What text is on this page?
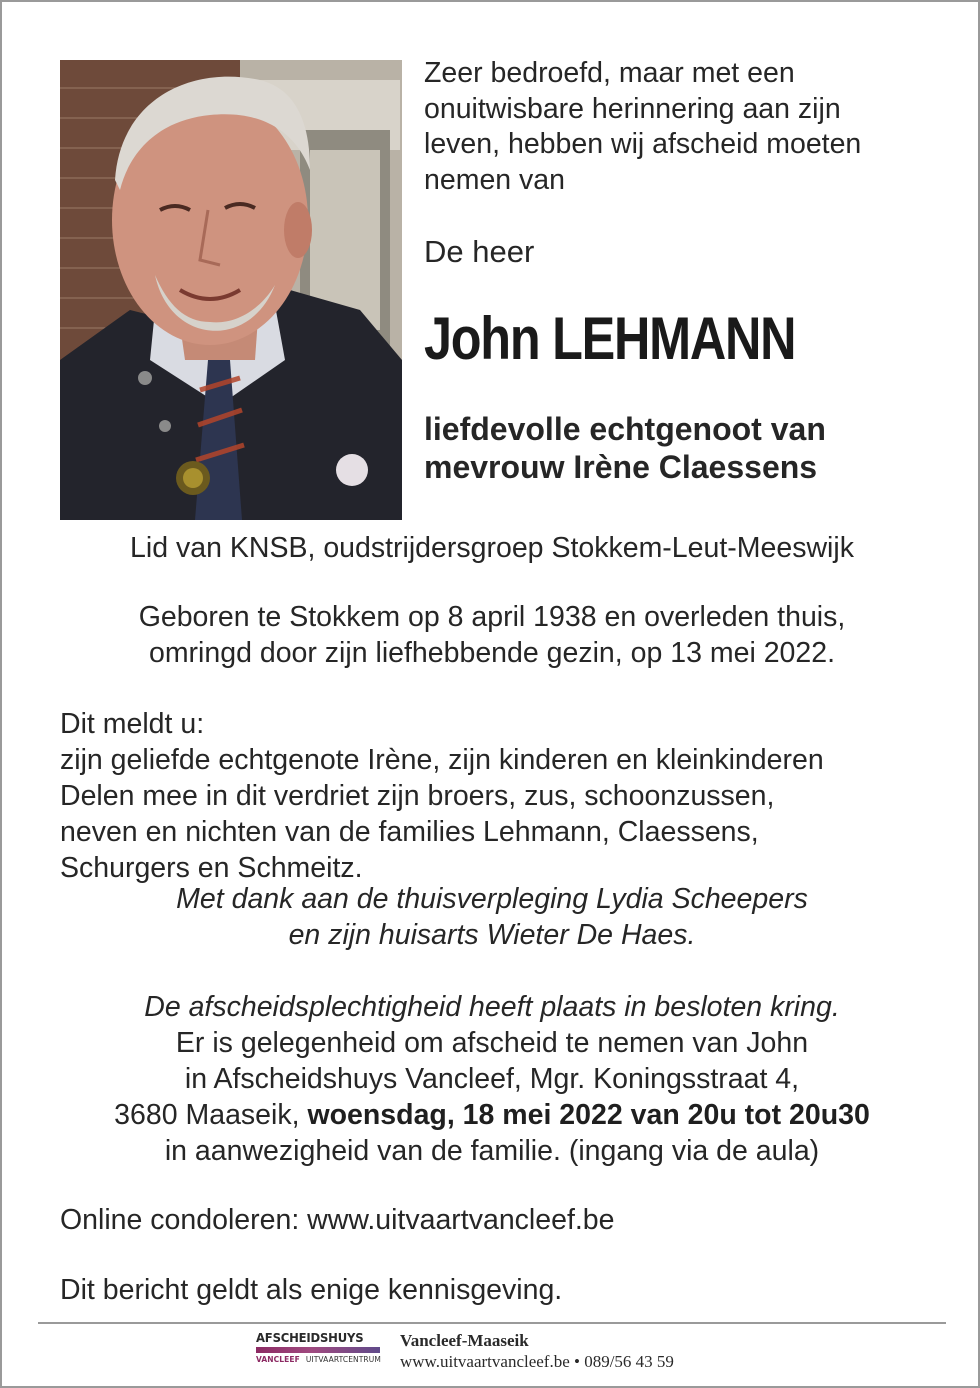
Zeer bedroefd, maar met een
onuitwisbare herinnering aan zijn
leven, hebben wij afscheid moeten
nemen van
De heer
John LEHMANN
liefdevolle echtgenoot van
mevrouw Irène Claessens
Lid van KNSB, oudstrijdersgroep Stokkem-Leut-Meeswijk
Geboren te Stokkem op 8 april 1938 en overleden thuis,
omringd door zijn liefhebbende gezin, op 13 mei 2022.
Dit meldt u:
zijn geliefde echtgenote Irène, zijn kinderen en kleinkinderen
Delen mee in dit verdriet zijn broers, zus, schoonzussen,
neven en nichten van de families Lehmann, Claessens,
Schurgers en Schmeitz.
Met dank aan de thuisverpleging Lydia Scheepers
en zijn huisarts Wieter De Haes.
De afscheidsplechtigheid heeft plaats in besloten kring.
Er is gelegenheid om afscheid te nemen van John
in Afscheidshuys Vancleef, Mgr. Koningsstraat 4,
3680 Maaseik, woensdag, 18 mei 2022 van 20u tot 20u30
in aanwezigheid van de familie. (ingang via de aula)
Online condoleren: www.uitvaartvancleef.be
Dit bericht geldt als enige kennisgeving.
AFSCHEIDSHUYS
VANCLEEF UITVAARTCENTRUM
Vancleef-Maaseik
www.uitvaartvancleef.be • 089/56 43 59
